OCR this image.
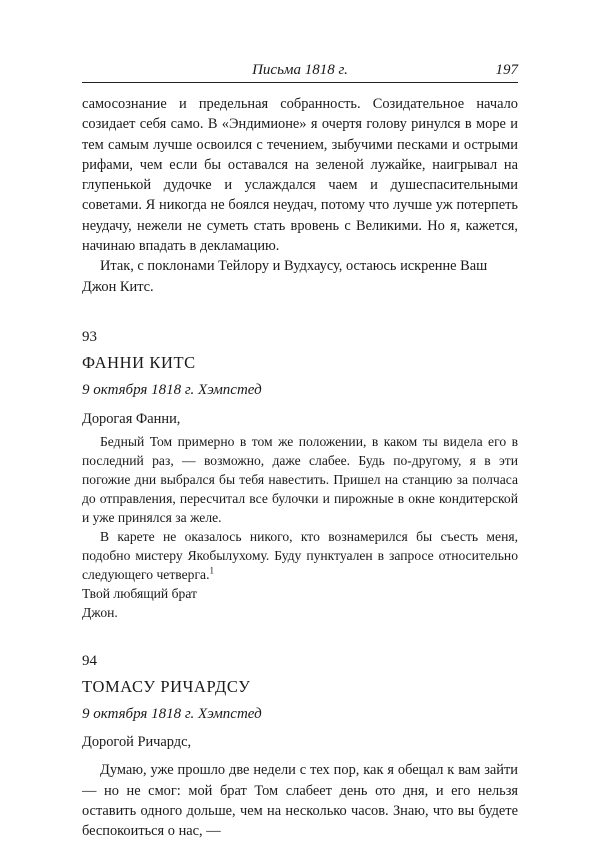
Письма 1818 г.	197

самосознание и предельная собранность. Созидательное начало созидает себя само. В «Эндимионе» я очертя голову ринулся в море и тем самым лучше освоился с течением, зыбучими песками и острыми рифами, чем если бы оставался на зеленой лужайке, наигрывал на глупенькой дудочке и услаждался чаем и душеспасительными советами. Я никогда не боялся неудач, потому что лучше уж потерпеть неудачу, нежели не суметь стать вровень с Великими. Но я, кажется, начинаю впадать в декламацию.

Итак, с поклонами Тейлору и Вудхаусу, остаюсь искренне Ваш

Джон Китс.

93

ФАННИ КИТС

9 октября 1818 г. Хэмпстед

Дорогая Фанни,

Бедный Том примерно в том же положении, в каком ты видела его в последний раз, — возможно, даже слабее. Будь по-другому, я в эти погожие дни выбрался бы тебя навестить. Пришел на станцию за полчаса до отправления, пересчитал все булочки и пирожные в окне кондитерской и уже принялся за желе.

В карете не оказалось никого, кто вознамерился бы съесть меня, подобно мистеру Якобылухому. Буду пунктуален в запросе относительно следующего четверга.$^1$

Твой любящий брат

Джон.

94

ТОМАСУ РИЧАРДСУ

9 октября 1818 г. Хэмпстед

Дорогой Ричардс,

Думаю, уже прошло две недели с тех пор, как я обещал к вам зайти — но не смог: мой брат Том слабеет день ото дня, и его нельзя оставить одного дольше, чем на несколько часов. Знаю, что вы будете беспокоиться о нас, —
